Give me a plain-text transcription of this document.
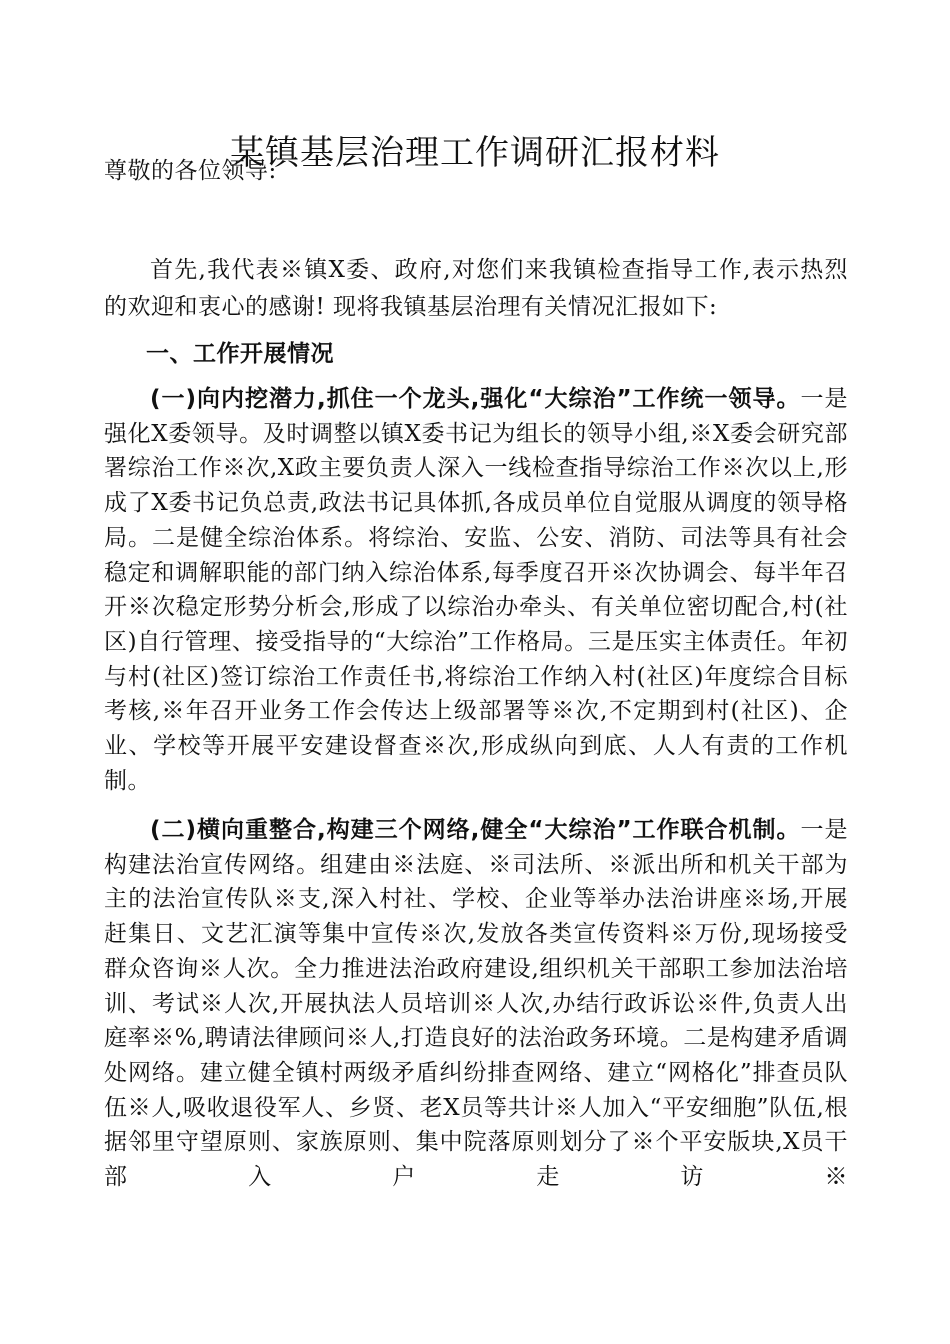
某镇基层治理工作调研汇报材料

尊敬的各位领导:

首先,我代表※镇X委、政府,对您们来我镇检查指导工作,表示热烈的欢迎和衷心的感谢! 现将我镇基层治理有关情况汇报如下:

一、工作开展情况

(一)向内挖潜力,抓住一个龙头,强化“大综治”工作统一领导。一是强化X委领导。及时调整以镇X委书记为组长的领导小组,※X委会研究部署综治工作※次,X政主要负责人深入一线检查指导综治工作※次以上,形成了X委书记负总责,政法书记具体抓,各成员单位自觉服从调度的领导格局。二是健全综治体系。将综治、安监、公安、消防、司法等具有社会稳定和调解职能的部门纳入综治体系,每季度召开※次协调会、每半年召开※次稳定形势分析会,形成了以综治办牵头、有关单位密切配合,村(社区)自行管理、接受指导的“大综治”工作格局。三是压实主体责任。年初与村(社区)签订综治工作责任书,将综治工作纳入村(社区)年度综合目标考核,※年召开业务工作会传达上级部署等※次,不定期到村(社区)、企业、学校等开展平安建设督查※次,形成纵向到底、人人有责的工作机制。

(二)横向重整合,构建三个网络,健全“大综治”工作联合机制。一是构建法治宣传网络。组建由※法庭、※司法所、※派出所和机关干部为主的法治宣传队※支,深入村社、学校、企业等举办法治讲座※场,开展赶集日、文艺汇演等集中宣传※次,发放各类宣传资料※万份,现场接受群众咨询※人次。全力推进法治政府建设,组织机关干部职工参加法治培训、考试※人次,开展执法人员培训※人次,办结行政诉讼※件,负责人出庭率※%,聘请法律顾问※人,打造良好的法治政务环境。二是构建矛盾调处网络。建立健全镇村两级矛盾纠纷排查网络、建立“网格化”排查员队伍※人,吸收退役军人、乡贤、老X员等共计※人加入“平安细胞”队伍,根据邻里守望原则、家族原则、集中院落原则划分了※个平安版块,X员干部入户走访※
